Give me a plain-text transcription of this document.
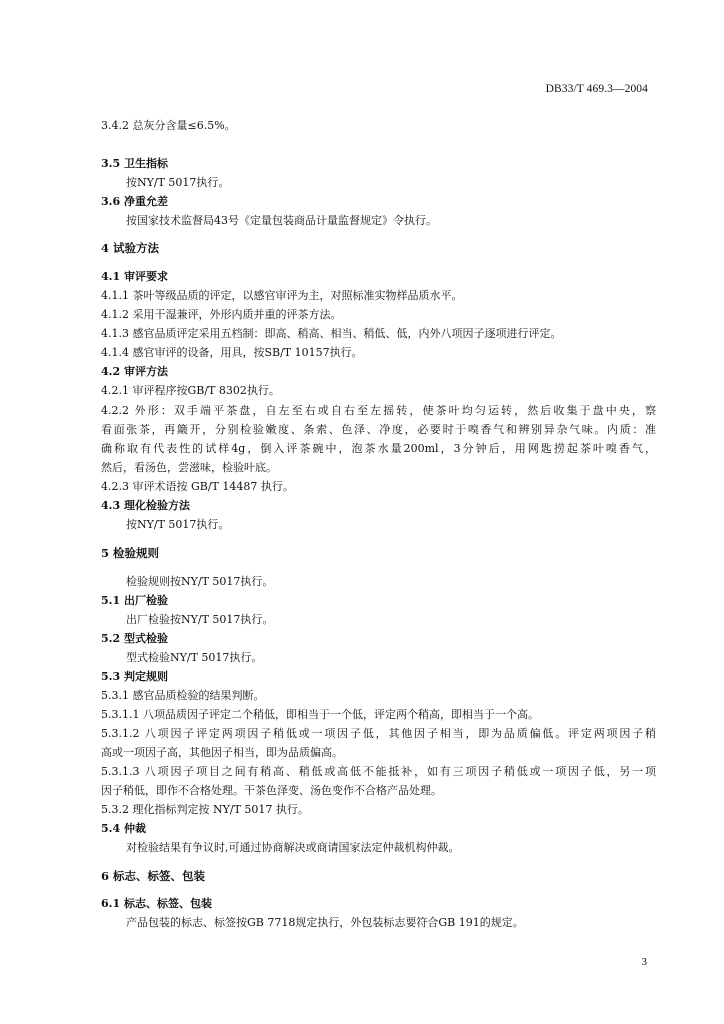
DB33/T 469.3—2004
3.4.2 总灰分含量≤6.5%。
3.5 卫生指标
按NY/T 5017执行。
3.6 净重允差
按国家技术监督局43号《定量包装商品计量监督规定》令执行。
4 试验方法
4.1 审评要求
4.1.1 茶叶等级品质的评定，以感官审评为主，对照标准实物样品质水平。
4.1.2 采用干湿兼评，外形内质并重的评茶方法。
4.1.3 感官品质评定采用五档制：即高、稍高、相当、稍低、低，内外八项因子逐项进行评定。
4.1.4 感官审评的设备，用具，按SB/T 10157执行。
4.2 审评方法
4.2.1 审评程序按GB/T 8302执行。
4.2.2 外形：双手端平茶盘，自左至右或自右至左摇转，使茶叶均匀运转，然后收集于盘中央，察
看面张茶，再簸开，分别检验嫩度、条索、色泽、净度，必要时于嗅香气和辨别异杂气味。内质：准
确称取有代表性的试样4g，倒入评茶碗中，泡茶水量200ml，3分钟后，用网匙捞起茶叶嗅香气，
然后，看汤色，尝滋味，检验叶底。
4.2.3 审评术语按 GB/T 14487 执行。
4.3 理化检验方法
按NY/T 5017执行。
5 检验规则
检验规则按NY/T 5017执行。
5.1 出厂检验
出厂检验按NY/T 5017执行。
5.2 型式检验
型式检验NY/T 5017执行。
5.3 判定规则
5.3.1 感官品质检验的结果判断。
5.3.1.1 八项品质因子评定二个稍低，即相当于一个低，评定两个稍高，即相当于一个高。
5.3.1.2 八项因子评定两项因子稍低或一项因子低，其他因子相当，即为品质偏低。评定两项因子稍
高或一项因子高，其他因子相当，即为品质偏高。
5.3.1.3 八项因子项目之间有稍高、稍低或高低不能抵补，如有三项因子稍低或一项因子低，另一项
因子稍低，即作不合格处理。干茶色泽变、汤色变作不合格产品处理。
5.3.2 理化指标判定按 NY/T 5017 执行。
5.4 仲裁
对检验结果有争议时,可通过协商解决或商请国家法定仲裁机构仲裁。
6 标志、标签、包装
6.1 标志、标签、包装
产品包装的标志、标签按GB 7718规定执行，外包装标志要符合GB 191的规定。
3
